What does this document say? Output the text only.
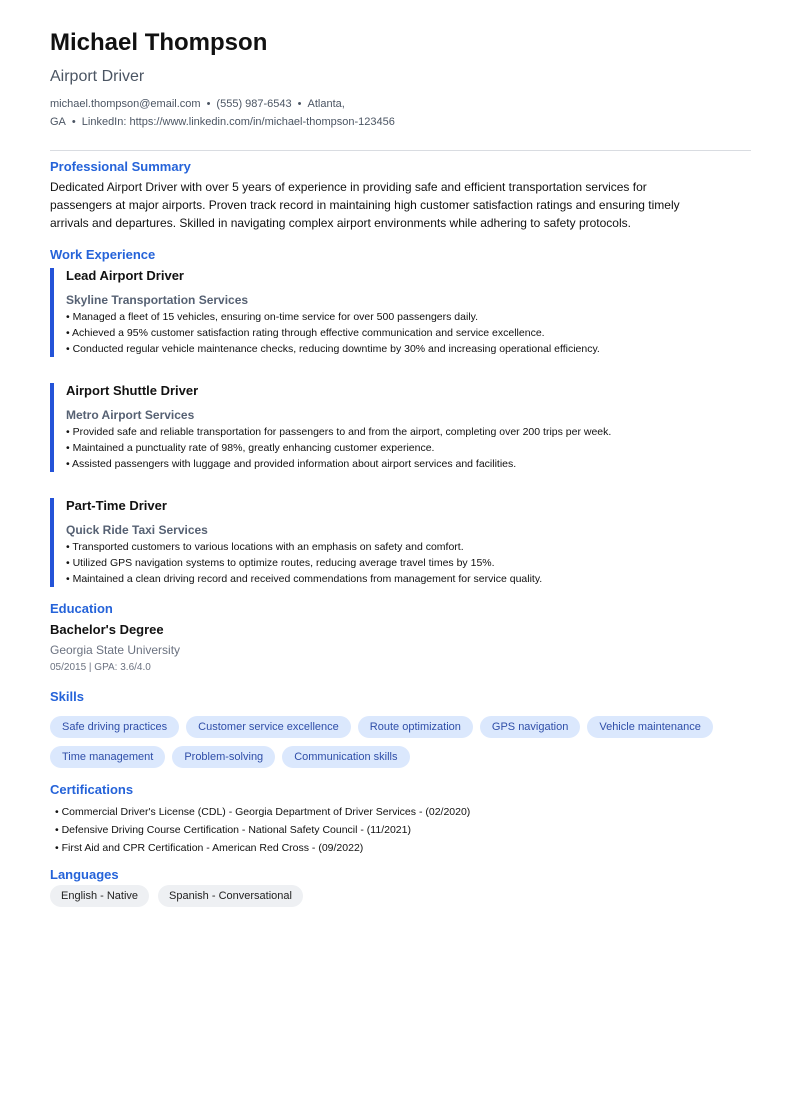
Michael Thompson
Airport Driver
michael.thompson@email.com • (555) 987-6543 • Atlanta, GA • LinkedIn: https://www.linkedin.com/in/michael-thompson-123456
Professional Summary
Dedicated Airport Driver with over 5 years of experience in providing safe and efficient transportation services for passengers at major airports. Proven track record in maintaining high customer satisfaction ratings and ensuring timely arrivals and departures. Skilled in navigating complex airport environments while adhering to safety protocols.
Work Experience
Lead Airport Driver
Skyline Transportation Services
• Managed a fleet of 15 vehicles, ensuring on-time service for over 500 passengers daily.
• Achieved a 95% customer satisfaction rating through effective communication and service excellence.
• Conducted regular vehicle maintenance checks, reducing downtime by 30% and increasing operational efficiency.
Airport Shuttle Driver
Metro Airport Services
• Provided safe and reliable transportation for passengers to and from the airport, completing over 200 trips per week.
• Maintained a punctuality rate of 98%, greatly enhancing customer experience.
• Assisted passengers with luggage and provided information about airport services and facilities.
Part-Time Driver
Quick Ride Taxi Services
• Transported customers to various locations with an emphasis on safety and comfort.
• Utilized GPS navigation systems to optimize routes, reducing average travel times by 15%.
• Maintained a clean driving record and received commendations from management for service quality.
Education
Bachelor's Degree
Georgia State University
05/2015 | GPA: 3.6/4.0
Skills
Safe driving practices	Customer service excellence	Route optimization	GPS navigation	Vehicle maintenance
Time management	Problem-solving	Communication skills
Certifications
• Commercial Driver's License (CDL) - Georgia Department of Driver Services - (02/2020)
• Defensive Driving Course Certification - National Safety Council - (11/2021)
• First Aid and CPR Certification - American Red Cross - (09/2022)
Languages
English - Native	Spanish - Conversational
